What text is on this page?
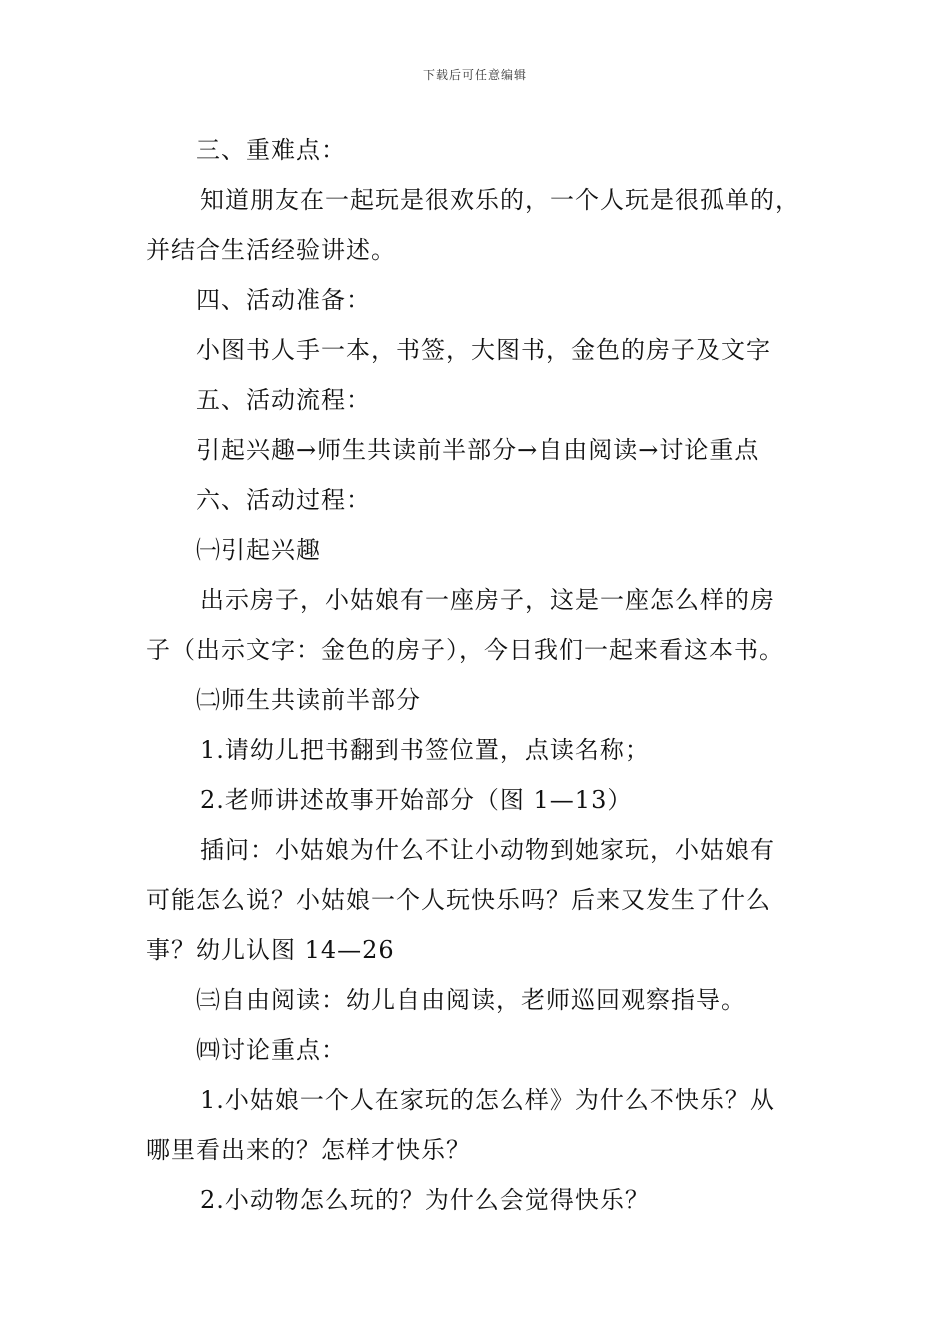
下载后可任意编辑
三、重难点：
知道朋友在一起玩是很欢乐的，一个人玩是很孤单的，
并结合生活经验讲述。
四、活动准备：
小图书人手一本，书签，大图书，金色的房子及文字
五、活动流程：
引起兴趣→师生共读前半部分→自由阅读→讨论重点
六、活动过程：
㈠引起兴趣
出示房子，小姑娘有一座房子，这是一座怎么样的房
子（出示文字：金色的房子），今日我们一起来看这本书。
㈡师生共读前半部分
1.请幼儿把书翻到书签位置，点读名称；
2.老师讲述故事开始部分（图 1—13）
插问：小姑娘为什么不让小动物到她家玩，小姑娘有
可能怎么说？小姑娘一个人玩快乐吗？后来又发生了什么
事？幼儿认图 14—26
㈢自由阅读：幼儿自由阅读，老师巡回观察指导。
㈣讨论重点：
1.小姑娘一个人在家玩的怎么样》为什么不快乐？从
哪里看出来的？怎样才快乐？
2.小动物怎么玩的？为什么会觉得快乐？
